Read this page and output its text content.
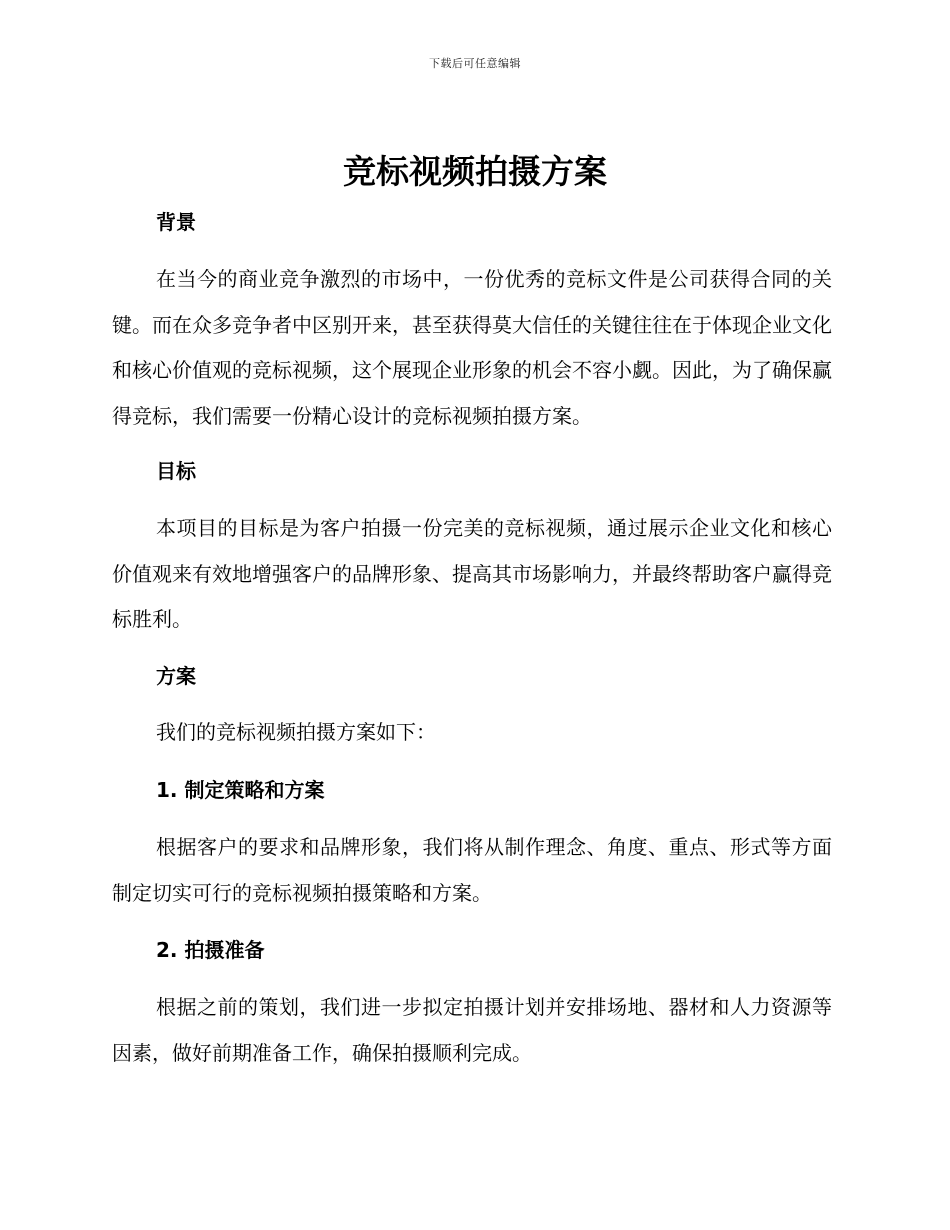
下载后可任意编辑
竞标视频拍摄方案
背景

在当今的商业竞争激烈的市场中，一份优秀的竞标文件是公司获得合同的关键。而在众多竞争者中区别开来，甚至获得莫大信任的关键往往在于体现企业文化和核心价值观的竞标视频，这个展现企业形象的机会不容小觑。因此，为了确保赢得竞标，我们需要一份精心设计的竞标视频拍摄方案。

目标

本项目的目标是为客户拍摄一份完美的竞标视频，通过展示企业文化和核心价值观来有效地增强客户的品牌形象、提高其市场影响力，并最终帮助客户赢得竞标胜利。

方案

我们的竞标视频拍摄方案如下：

1. 制定策略和方案

根据客户的要求和品牌形象，我们将从制作理念、角度、重点、形式等方面制定切实可行的竞标视频拍摄策略和方案。

2. 拍摄准备

根据之前的策划，我们进一步拟定拍摄计划并安排场地、器材和人力资源等因素，做好前期准备工作，确保拍摄顺利完成。
